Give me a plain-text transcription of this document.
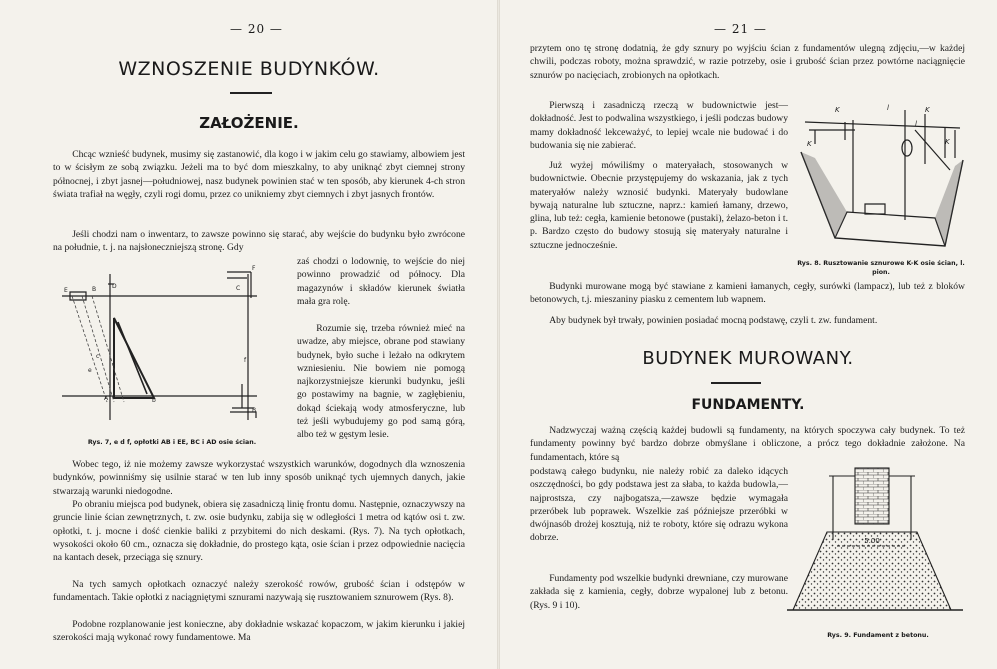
— 20 —
WZNOSZENIE BUDYNKÓW.
ZAŁOŻENIE.

Chcąc wznieść budynek, musimy się zastanowić, dla kogo i w jakim celu go stawiamy, albowiem jest to w ścisłym ze sobą związku. Jeżeli ma to być dom mieszkalny, to aby uniknąć zbyt ciemnej strony północnej, i zbyt jasnej—południowej, nasz budynek powinien stać w ten sposób, aby kierunek 4-ch stron świata trafiał na węgły, czyli rogi domu, przez co unikniemy zbyt ciemnych i zbyt jasnych frontów.

Jeśli chodzi nam o inwentarz, to zawsze powinno się starać, aby wejście do budynku było zwrócone na południe, t. j. na najsłoneczniejszą stronę. Gdy

zaś chodzi o lodownię, to wejście do niej powinno prowadzić od północy. Dla magazynów i składów kierunek światła mała gra rolę.

Rozumie się, trzeba również mieć na uwadze, aby miejsce, obrane pod stawiany budynek, było suche i leżało na odkrytem wzniesieniu. Nie bowiem nie pomogą najkorzystniejsze kierunki budynku, jeśli go postawimy na bagnie, w zagłębieniu, dokąd ściekają wody atmosferyczne, lub też jeśli wybudujemy go pod samą górą, albo też w gęstym lesie.

E	B	D	C
F
f
A	b
c
e
B
Rys. 7, e d f, opłotki AB i EE, BC i AD osie ścian.

Wobec tego, iż nie możemy zawsze wykorzystać wszystkich warunków, dogodnych dla wznoszenia budynków, powinniśmy się usilnie starać w ten lub inny sposób uniknąć tych ujemnych danych, jakie stwarzają warunki niedogodne.

Po obraniu miejsca pod budynek, obiera się zasadniczą linię frontu domu. Następnie, oznaczywszy na gruncie linie ścian zewnętrznych, t. zw. osie budynku, zabija się w odległości 1 metra od kątów osi t. zw. opłotki, t. j. mocne i dość cienkie baliki z przybitemi do nich deskami. (Rys. 7). Na tych opłotkach, wysokości około 60 cm., oznacza się dokładnie, do prostego kąta, osie ścian i przez odpowiednie nacięcia na kantach desek, przeciąga się sznury.

Na tych samych opłotkach oznaczyć należy szerokość rowów, grubość ścian i odstępów w fundamentach. Takie opłotki z naciągniętymi sznurami nazywają się rusztowaniem sznurowem (Rys. 8).

Podobne rozplanowanie jest konieczne, aby dokładnie wskazać kopaczom, w jakim kierunku i jakiej szerokości mają wykonać rowy fundamentowe. Ma

— 21 —

przytem ono tę stronę dodatnią, że gdy sznury po wyjściu ścian z fundamentów ulegną zdjęciu,—w każdej chwili, podczas roboty, można sprawdzić, w razie potrzeby, osie i grubość ścian przez powtórne naciągnięcie sznurów po nacięciach, zrobionych na opłotkach.

Pierwszą i zasadniczą rzeczą w budownictwie jest—dokładność. Jest to podwalina wszystkiego, i jeśli podczas budowy mamy dokładność lekceważyć, to lepiej wcale nie budować i do budowania się nie zabierać.

Już wyżej mówiliśmy o materyałach, stosowanych w budownictwie. Obecnie przystępujemy do wskazania, jak z tych materyałów należy wznosić budynki. Materyały budowlane bywają naturalne lub sztuczne, naprz.: kamień łamany, drzewo, glina, lub też: cegła, kamienie betonowe (pustaki), żelazo-beton i t. p. Bardzo często do budowy stosują się materyały naturalne i sztuczne jednocześnie.

K	K
K	K
l
l
Rys. 8. Rusztowanie sznurowe K-K osie ścian, l. pion.

Budynki murowane mogą być stawiane z kamieni łamanych, cegły, surówki (lampacz), lub też z bloków betonowych, t.j. mieszaniny piasku z cementem lub wapnem.

Aby budynek był trwały, powinien posiadać mocną podstawę, czyli t. zw. fundament.

BUDYNEK MUROWANY.
FUNDAMENTY.

Nadzwyczaj ważną częścią każdej budowli są fundamenty, na których spoczywa cały budynek. To też fundamenty powinny być bardzo dobrze obmyślane i obliczone, a prócz tego dokładnie założone. Na fundamentach, które są

podstawą całego budynku, nie należy robić za daleko idących oszczędności, bo gdy podstawa jest za słaba, to każda budowla,—najprostsza, czy najbogatsza,—zawsze będzie wymagała przeróbek lub poprawek. Wszelkie zaś późniejsze przeróbki w dwójnasób drożej kosztują, niż te roboty, które się odrazu wykona dobrze.

Fundamenty pod wszelkie budynki drewniane, czy murowane zakłada się z kamienia, cegły, dobrze wypalonej lub z betonu. (Rys. 9 i 10).

5.00
Rys. 9. Fundament z betonu.
